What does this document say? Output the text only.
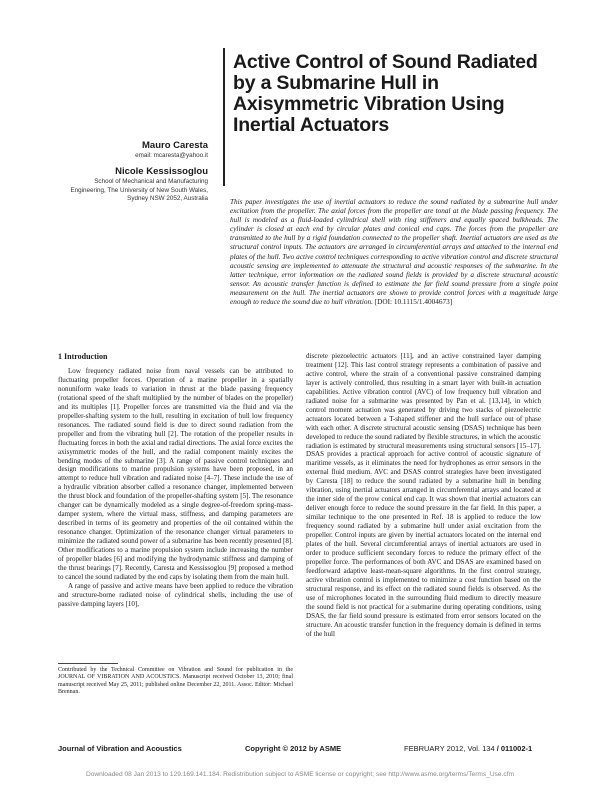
Active Control of Sound Radiated
by a Submarine Hull in
Axisymmetric Vibration Using
Inertial Actuators
Mauro Caresta
email: mcaresta@yahoo.it
Nicole Kessissoglou
School of Mechanical and Manufacturing
Engineering, The University of New South Wales,
Sydney NSW 2052, Australia	This paper investigates the use of inertial actuators to reduce the sound radiated by a submarine hull under excitation from the propeller. The axial forces from the propeller are tonal at the blade passing frequency. The hull is modeled as a fluid-loaded cylindrical shell with ring stiffeners and equally spaced bulkheads. The cylinder is closed at each end by circular plates and conical end caps. The forces from the propeller are transmitted to the hull by a rigid foundation connected to the propeller shaft. Inertial actuators are used as the structural control inputs. The actuators are arranged in circumferential arrays and attached to the internal end plates of the hull. Two active control techniques corresponding to active vibration control and discrete structural acoustic sensing are implemented to attenuate the structural and acoustic responses of the submarine. In the latter technique, error information on the radiated sound fields is provided by a discrete structural acoustic sensor. An acoustic transfer function is defined to estimate the far field sound pressure from a single point measurement on the hull. The inertial actuators are shown to provide control forces with a magnitude large enough to reduce the sound due to hull vibration. [DOI: 10.1115/1.4004673]
1 Introduction

Low frequency radiated noise from naval vessels can be attributed to fluctuating propeller forces. Operation of a marine propeller in a spatially nonuniform wake leads to variation in thrust at the blade passing frequency (rotational speed of the shaft multiplied by the number of blades on the propeller) and its multiples [1]. Propeller forces are transmitted via the fluid and via the propeller-shafting system to the hull, resulting in excitation of hull low frequency resonances. The radiated sound field is due to direct sound radiation from the propeller and from the vibrating hull [2]. The rotation of the propeller results in fluctuating forces in both the axial and radial directions. The axial force excites the axisymmetric modes of the hull, and the radial component mainly excites the bending modes of the submarine [3]. A range of passive control techniques and design modifications to marine propulsion systems have been proposed, in an attempt to reduce hull vibration and radiated noise [4–7]. These include the use of a hydraulic vibration absorber called a resonance changer, implemented between the thrust block and foundation of the propeller-shafting system [5]. The resonance changer can be dynamically modeled as a single degree-of-freedom spring-mass-damper system, where the virtual mass, stiffness, and damping parameters are described in terms of its geometry and properties of the oil contained within the resonance changer. Optimization of the resonance changer virtual parameters to minimize the radiated sound power of a submarine has been recently presented [8]. Other modifications to a marine propulsion system include increasing the number of propeller blades [6] and modifying the hydrodynamic stiffness and damping of the thrust bearings [7]. Recently, Caresta and Kessissoglou [9] proposed a method to cancel the sound radiated by the end caps by isolating them from the main hull.

A range of passive and active means have been applied to reduce the vibration and structure-borne radiated noise of cylindrical shells, including the use of passive damping layers [10],

discrete piezoelectric actuators [11], and an active constrained layer damping treatment [12]. This last control strategy represents a combination of passive and active control, where the strain of a conventional passive constrained damping layer is actively controlled, thus resulting in a smart layer with built-in actuation capabilities. Active vibration control (AVC) of low frequency hull vibration and radiated noise for a submarine was presented by Pan et al. [13,14], in which control moment actuation was generated by driving two stacks of piezoelectric actuators located between a T-shaped stiffener and the hull surface out of phase with each other. A discrete structural acoustic sensing (DSAS) technique has been developed to reduce the sound radiated by flexible structures, in which the acoustic radiation is estimated by structural measurements using structural sensors [15–17]. DSAS provides a practical approach for active control of acoustic signature of maritime vessels, as it eliminates the need for hydrophones as error sensors in the external fluid medium. AVC and DSAS control strategies have been investigated by Caresta [18] to reduce the sound radiated by a submarine hull in bending vibration, using inertial actuators arranged in circumferential arrays and located at the inner side of the prow conical end cap. It was shown that inertial actuators can deliver enough force to reduce the sound pressure in the far field. In this paper, a similar technique to the one presented in Ref. 18 is applied to reduce the low frequency sound radiated by a submarine hull under axial excitation from the propeller. Control inputs are given by inertial actuators located on the internal end plates of the hull. Several circumferential arrays of inertial actuators are used in order to produce sufficient secondary forces to reduce the primary effect of the propeller force. The performances of both AVC and DSAS are examined based on feedforward adaptive least-mean-square algorithms. In the first control strategy, active vibration control is implemented to minimize a cost function based on the structural response, and its effect on the radiated sound fields is observed. As the use of microphones located in the surrounding fluid medium to directly measure the sound field is not practical for a submarine during operating conditions, using DSAS, the far field sound pressure is estimated from error sensors located on the structure. An acoustic transfer function in the frequency domain is defined in terms of the hull

Contributed by the Technical Committee on Vibration and Sound for publication in the JOURNAL OF VIBRATION AND ACOUSTICS. Manuscript received October 13, 2010; final manuscript received May 25, 2011; published online December 22, 2011. Assoc. Editor: Michael Brennan.
Journal of Vibration and Acoustics	Copyright © 2012 by ASME	FEBRUARY 2012, Vol. 134 / 011002-1
Downloaded 08 Jan 2013 to 129.169.141.184. Redistribution subject to ASME license or copyright; see http://www.asme.org/terms/Terms_Use.cfm
